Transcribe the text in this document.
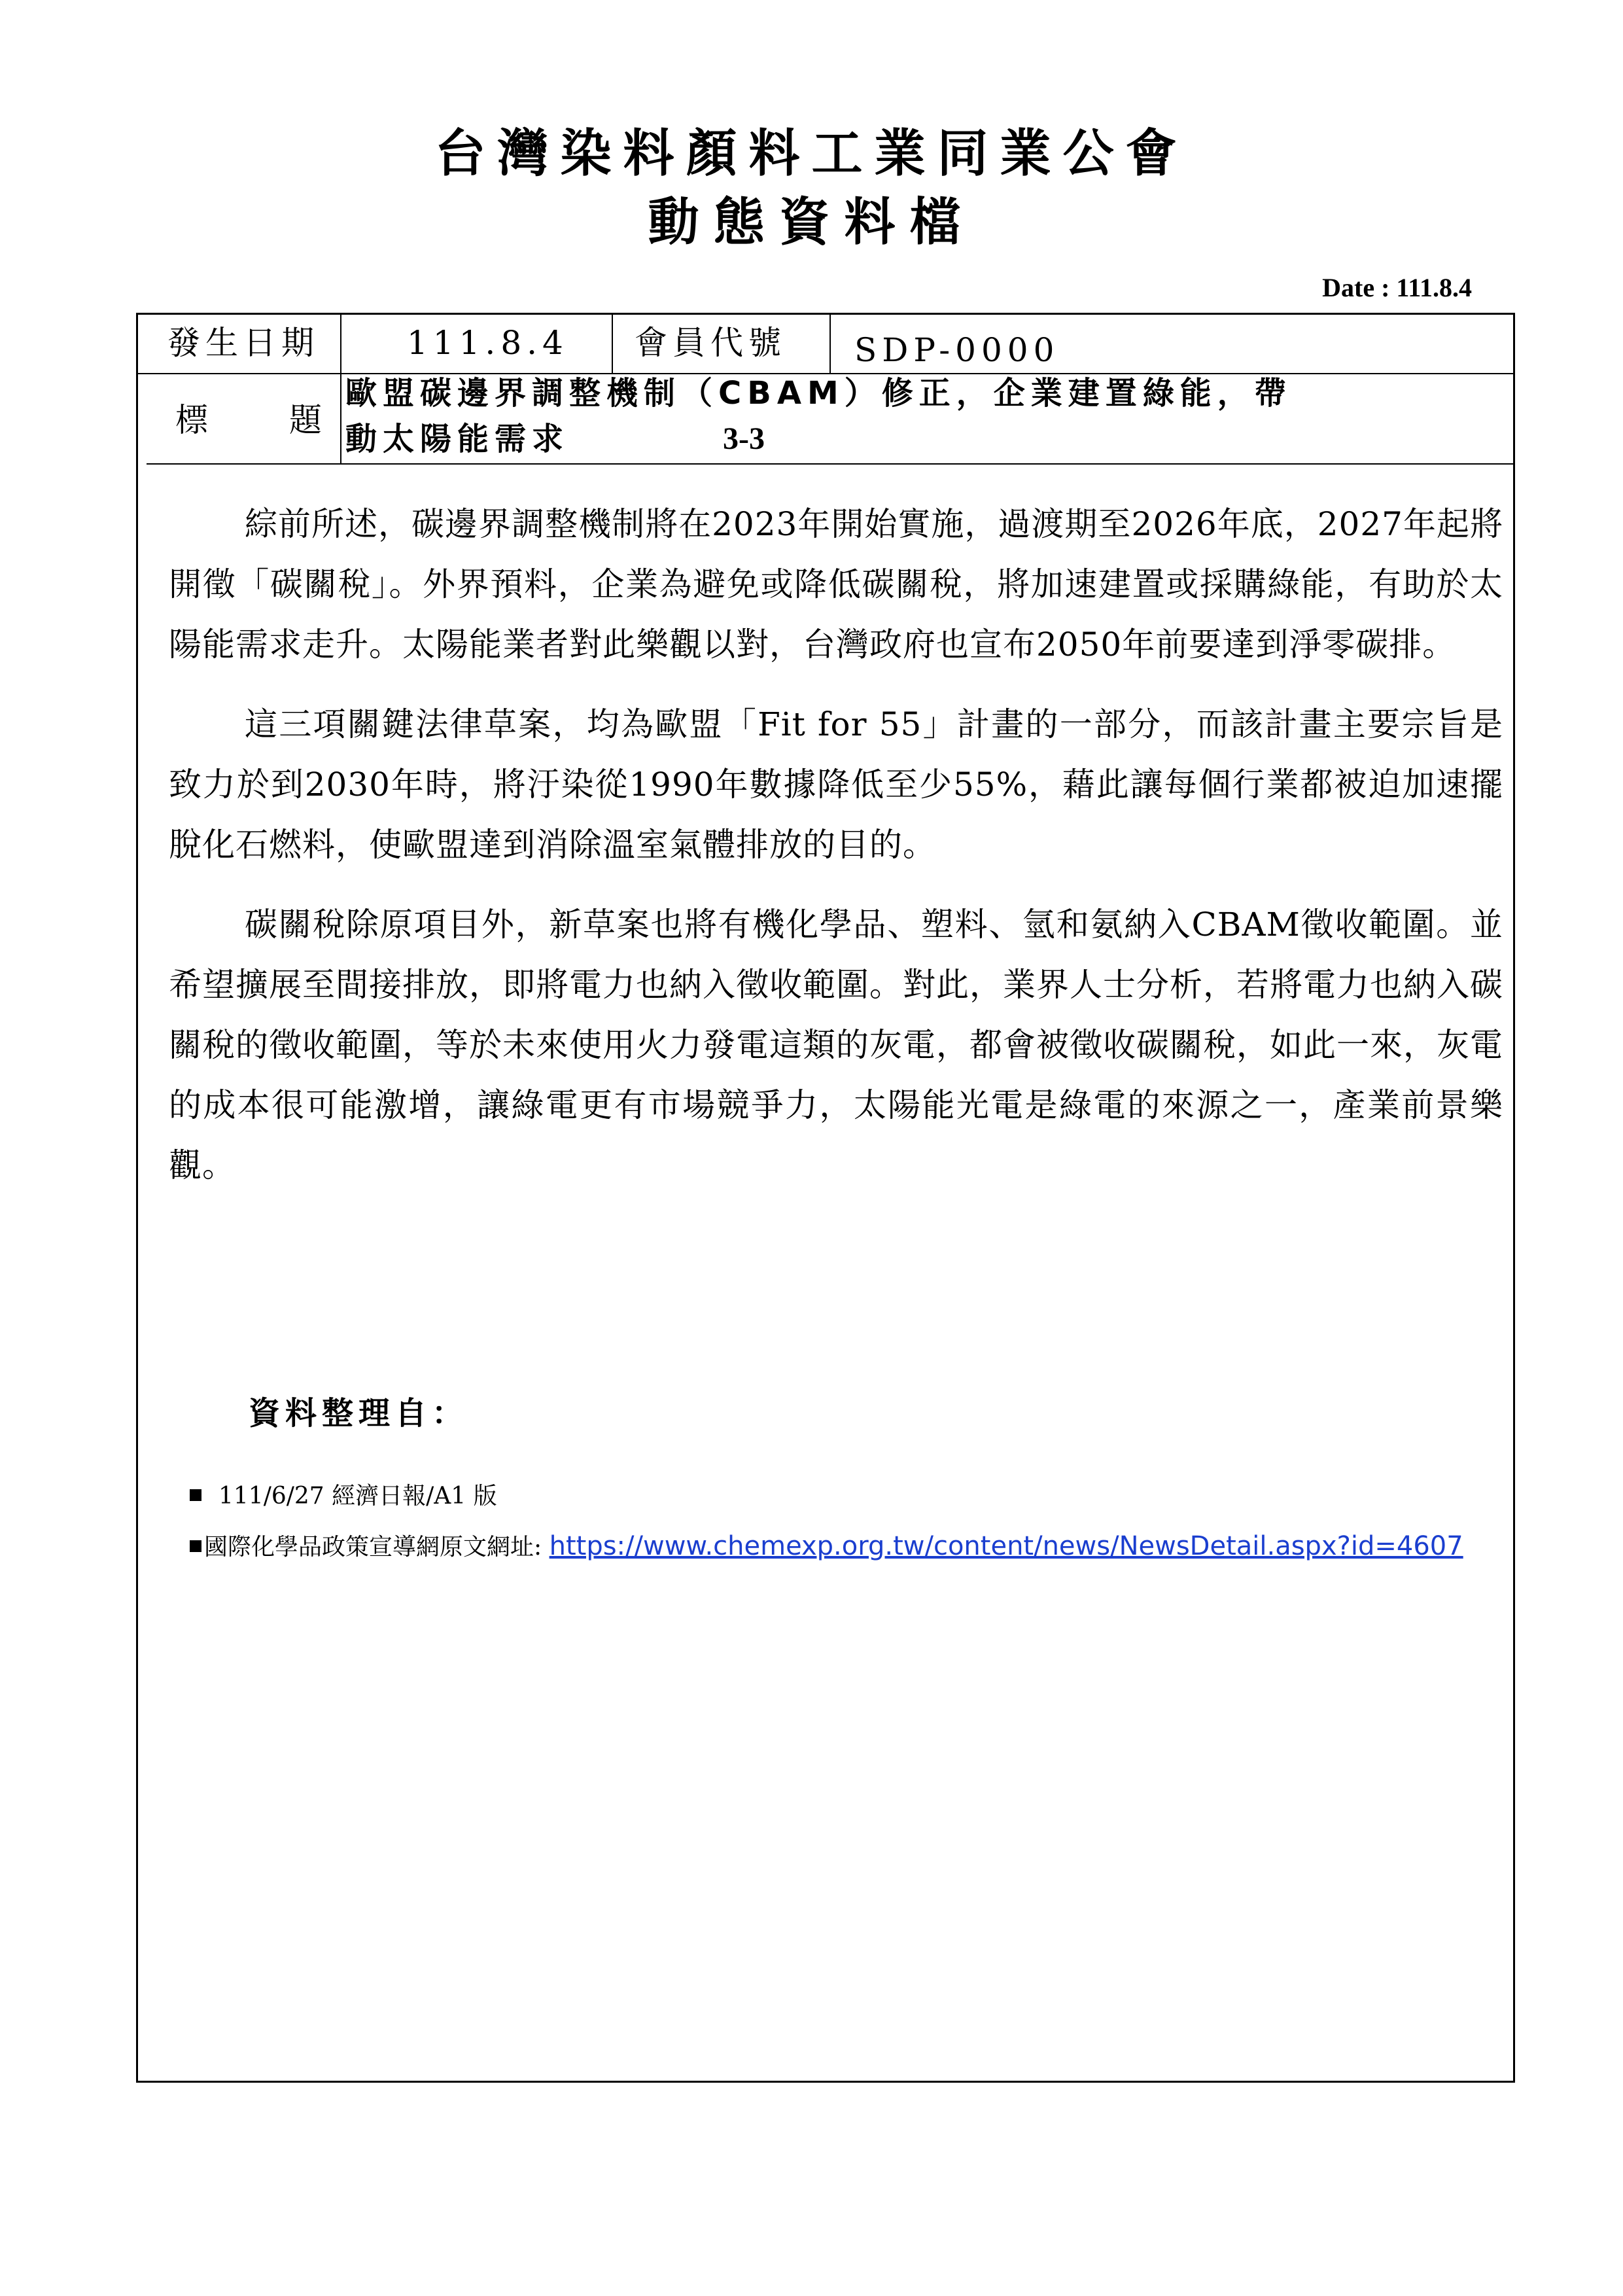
台灣染料顏料工業同業公會
動態資料檔
Date : 111.8.4
發生日期	111.8.4 會員代號 SDP-0000
標　　題
歐盟碳邊界調整機制（CBAM）修正，企業建置綠能，帶
動太陽能需求	3-3

綜前所述，碳邊界調整機制將在2023年開始實施，過渡期至2026年底，2027年起將開徵「碳關稅」。外界預料，企業為避免或降低碳關稅，將加速建置或採購綠能，有助於太陽能需求走升。太陽能業者對此樂觀以對，台灣政府也宣布2050年前要達到淨零碳排。

這三項關鍵法律草案，均為歐盟「Fit for 55」計畫的一部分，而該計畫主要宗旨是致力於到2030年時，將汙染從1990年數據降低至少55%，藉此讓每個行業都被迫加速擺脫化石燃料，使歐盟達到消除溫室氣體排放的目的。

碳關稅除原項目外，新草案也將有機化學品、塑料、氫和氨納入CBAM徵收範圍。並希望擴展至間接排放，即將電力也納入徵收範圍。對此，業界人士分析，若將電力也納入碳關稅的徵收範圍，等於未來使用火力發電這類的灰電，都會被徵收碳關稅，如此一來，灰電的成本很可能激增，讓綠電更有市場競爭力，太陽能光電是綠電的來源之一，產業前景樂觀。

資料整理自：
111/6/27 經濟日報/A1 版
國際化學品政策宣導網原文網址: https://www.chemexp.org.tw/content/news/NewsDetail.aspx?id=4607
